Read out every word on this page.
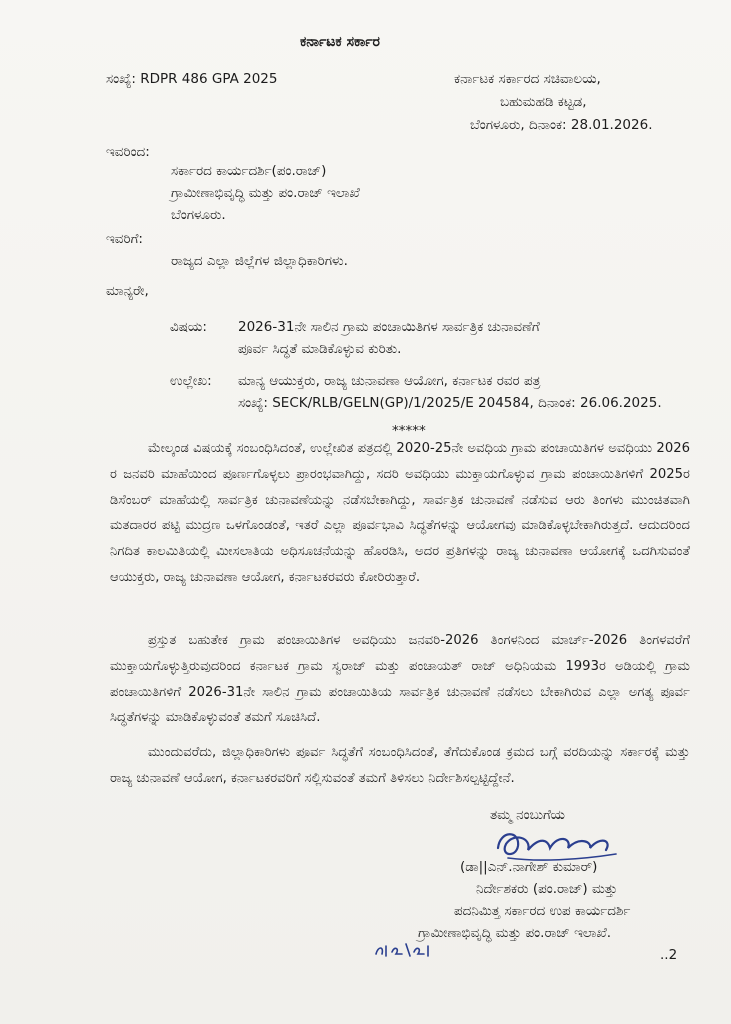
ಕರ್ನಾಟಕ ಸರ್ಕಾರ
ಸಂಖ್ಯೆ: RDPR 486 GPA 2025	ಕರ್ನಾಟಕ ಸರ್ಕಾರದ ಸಚಿವಾಲಯ,
ಬಹುಮಹಡಿ ಕಟ್ಟಡ,
ಬೆಂಗಳೂರು, ದಿನಾಂಕ: 28.01.2026.
ಇವರಿಂದ:
ಸರ್ಕಾರದ ಕಾರ್ಯದರ್ಶಿ(ಪಂ.ರಾಜ್)
ಗ್ರಾಮೀಣಾಭಿವೃದ್ಧಿ ಮತ್ತು ಪಂ.ರಾಜ್ ಇಲಾಖೆ
ಬೆಂಗಳೂರು.
ಇವರಿಗೆ:
ರಾಜ್ಯದ ಎಲ್ಲಾ ಜಿಲ್ಲೆಗಳ ಜಿಲ್ಲಾಧಿಕಾರಿಗಳು.
ಮಾನ್ಯರೇ,
ವಿಷಯ: 2026-31ನೇ ಸಾಲಿನ ಗ್ರಾಮ ಪಂಚಾಯಿತಿಗಳ ಸಾರ್ವತ್ರಿಕ ಚುನಾವಣೆಗೆ
ಪೂರ್ವ ಸಿದ್ಧತೆ ಮಾಡಿಕೊಳ್ಳುವ ಕುರಿತು.
ಉಲ್ಲೇಖ: ಮಾನ್ಯ ಆಯುಕ್ತರು, ರಾಜ್ಯ ಚುನಾವಣಾ ಆಯೋಗ, ಕರ್ನಾಟಕ ರವರ ಪತ್ರ
ಸಂಖ್ಯೆ: SECK/RLB/GELN(GP)/1/2025/E 204584, ದಿನಾಂಕ: 26.06.2025.
*****

ಮೇಲ್ಕಂಡ ವಿಷಯಕ್ಕೆ ಸಂಬಂಧಿಸಿದಂತೆ, ಉಲ್ಲೇಖಿತ ಪತ್ರದಲ್ಲಿ 2020-25ನೇ ಅವಧಿಯ ಗ್ರಾಮ ಪಂಚಾಯಿತಿಗಳ ಅವಧಿಯು 2026 ರ ಜನವರಿ ಮಾಹೆಯಿಂದ ಪೂರ್ಣಗೊಳ್ಳಲು ಪ್ರಾರಂಭವಾಗಿದ್ದು, ಸದರಿ ಅವಧಿಯು ಮುಕ್ತಾಯಗೊಳ್ಳುವ ಗ್ರಾಮ ಪಂಚಾಯಿತಿಗಳಿಗೆ 2025ರ ಡಿಸೆಂಬರ್ ಮಾಹೆಯಲ್ಲಿ ಸಾರ್ವತ್ರಿಕ ಚುನಾವಣೆಯನ್ನು ನಡೆಸಬೇಕಾಗಿದ್ದು, ಸಾರ್ವತ್ರಿಕ ಚುನಾವಣೆ ನಡೆಸುವ ಆರು ತಿಂಗಳು ಮುಂಚಿತವಾಗಿ ಮತದಾರರ ಪಟ್ಟಿ ಮುದ್ರಣ ಒಳಗೊಂಡಂತೆ, ಇತರೆ ಎಲ್ಲಾ ಪೂರ್ವಭಾವಿ ಸಿದ್ಧತೆಗಳನ್ನು ಆಯೋಗವು ಮಾಡಿಕೊಳ್ಳಬೇಕಾಗಿರುತ್ತದೆ. ಆದುದರಿಂದ ನಿಗದಿತ ಕಾಲಮಿತಿಯಲ್ಲಿ ಮೀಸಲಾತಿಯ ಅಧಿಸೂಚನೆಯನ್ನು ಹೊರಡಿಸಿ, ಅದರ ಪ್ರತಿಗಳನ್ನು ರಾಜ್ಯ ಚುನಾವಣಾ ಆಯೋಗಕ್ಕೆ ಒದಗಿಸುವಂತೆ ಆಯುಕ್ತರು, ರಾಜ್ಯ ಚುನಾವಣಾ ಆಯೋಗ, ಕರ್ನಾಟಕರವರು ಕೋರಿರುತ್ತಾರೆ.

ಪ್ರಸ್ತುತ ಬಹುತೇಕ ಗ್ರಾಮ ಪಂಚಾಯಿತಿಗಳ ಅವಧಿಯು ಜನವರಿ-2026 ತಿಂಗಳನಿಂದ ಮಾರ್ಚ್-2026 ತಿಂಗಳವರೆಗೆ ಮುಕ್ತಾಯಗೊಳ್ಳುತ್ತಿರುವುದರಿಂದ ಕರ್ನಾಟಕ ಗ್ರಾಮ ಸ್ವರಾಜ್ ಮತ್ತು ಪಂಚಾಯತ್ ರಾಜ್ ಅಧಿನಿಯಮ 1993ರ ಅಡಿಯಲ್ಲಿ ಗ್ರಾಮ ಪಂಚಾಯಿತಿಗಳಿಗೆ 2026-31ನೇ ಸಾಲಿನ ಗ್ರಾಮ ಪಂಚಾಯಿತಿಯ ಸಾರ್ವತ್ರಿಕ ಚುನಾವಣೆ ನಡೆಸಲು ಬೇಕಾಗಿರುವ ಎಲ್ಲಾ ಅಗತ್ಯ ಪೂರ್ವ ಸಿದ್ಧತೆಗಳನ್ನು ಮಾಡಿಕೊಳ್ಳುವಂತೆ ತಮಗೆ ಸೂಚಿಸಿದೆ.

ಮುಂದುವರೆದು, ಜಿಲ್ಲಾಧಿಕಾರಿಗಳು ಪೂರ್ವ ಸಿದ್ಧತೆಗೆ ಸಂಬಂಧಿಸಿದಂತೆ, ತೆಗೆದುಕೊಂಡ ಕ್ರಮದ ಬಗ್ಗೆ ವರದಿಯನ್ನು ಸರ್ಕಾರಕ್ಕೆ ಮತ್ತು ರಾಜ್ಯ ಚುನಾವಣೆ ಆಯೋಗ, ಕರ್ನಾಟಕರವರಿಗೆ ಸಲ್ಲಿಸುವಂತೆ ತಮಗೆ ತಿಳಿಸಲು ನಿರ್ದೇಶಿಸಲ್ಪಟ್ಟಿದ್ದೇನೆ.

ತಮ್ಮ ನಂಬುಗೆಯ
(ಡಾ||ಎನ್.ನಾಗೇಶ್ ಕುಮಾರ್)
ನಿರ್ದೇಶಕರು (ಪಂ.ರಾಜ್) ಮತ್ತು
ಪದನಿಮಿತ್ತ ಸರ್ಕಾರದ ಉಪ ಕಾರ್ಯದರ್ಶಿ
ಗ್ರಾಮೀಣಾಭಿವೃದ್ಧಿ ಮತ್ತು ಪಂ.ರಾಜ್ ಇಲಾಖೆ.
..2
